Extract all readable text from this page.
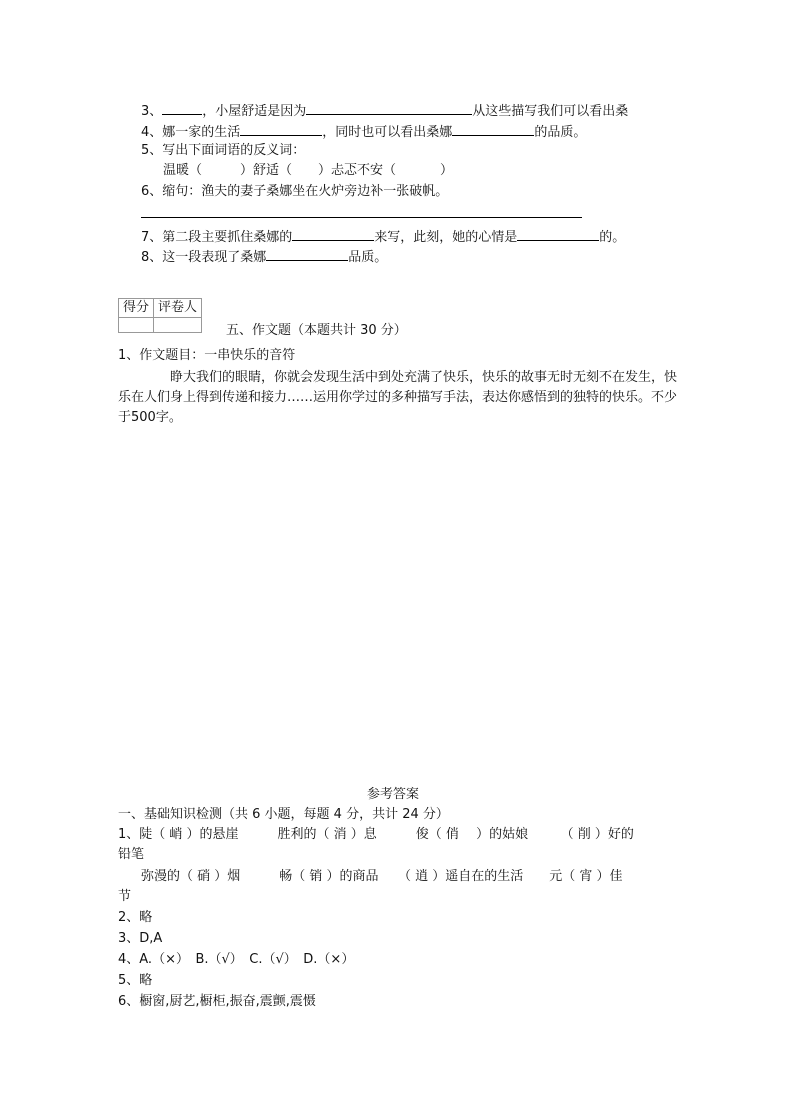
3、	，小屋舒适是因为	从这些描写我们可以看出桑
4、娜一家的生活	，同时也可以看出桑娜	的品质。
5、写出下面词语的反义词：
温暖（	）舒适（ ）忐忑不安（	）
6、缩句：渔夫的妻子桑娜坐在火炉旁边补一张破帆。
7、第二段主要抓住桑娜的	来写，此刻，她的心情是	的。
8、这一段表现了桑娜	品质。
得分	评卷人

五、作文题（本题共计 30 分）
1、作文题目：一串快乐的音符
睁大我们的眼睛，你就会发现生活中到处充满了快乐，快乐的故事无时无刻不在发生，快乐在人们身上得到传递和接力……运用你学过的多种描写手法，表达你感悟到的独特的快乐。不少于500字。
参考答案
一、基础知识检测（共 6 小题，每题 4 分，共计 24 分）
1、陡（ 峭 ）的悬崖　　　胜利的（ 消 ）息　　　俊（ 俏 　）的姑娘　　　（ 削 ）好的
铅笔
弥漫的（ 硝 ）烟　　　畅（ 销 ）的商品　　（ 逍 ）遥自在的生活　　元（ 宵 ）佳
节
2、略
3、D,A
4、A.（×）　B.（√）　C.（√）　D.（×）
5、略
6、橱窗,厨艺,橱柜,振奋,震颤,震慑
